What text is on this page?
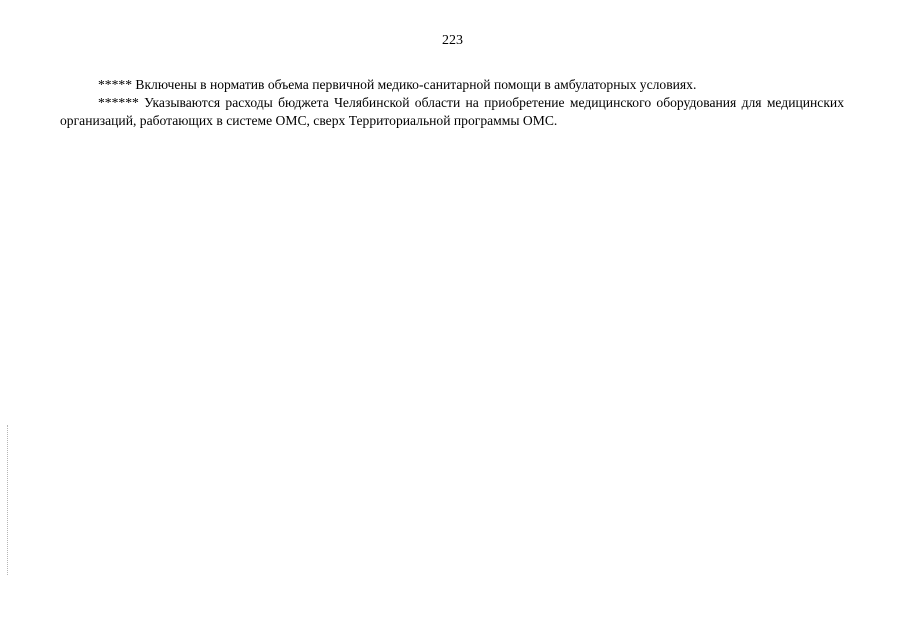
223

***** Включены в норматив объема первичной медико-санитарной помощи в амбулаторных условиях.

****** Указываются расходы бюджета Челябинской области на приобретение медицинского оборудования для медицинских организаций, работающих в системе ОМС, сверх Территориальной программы ОМС.
